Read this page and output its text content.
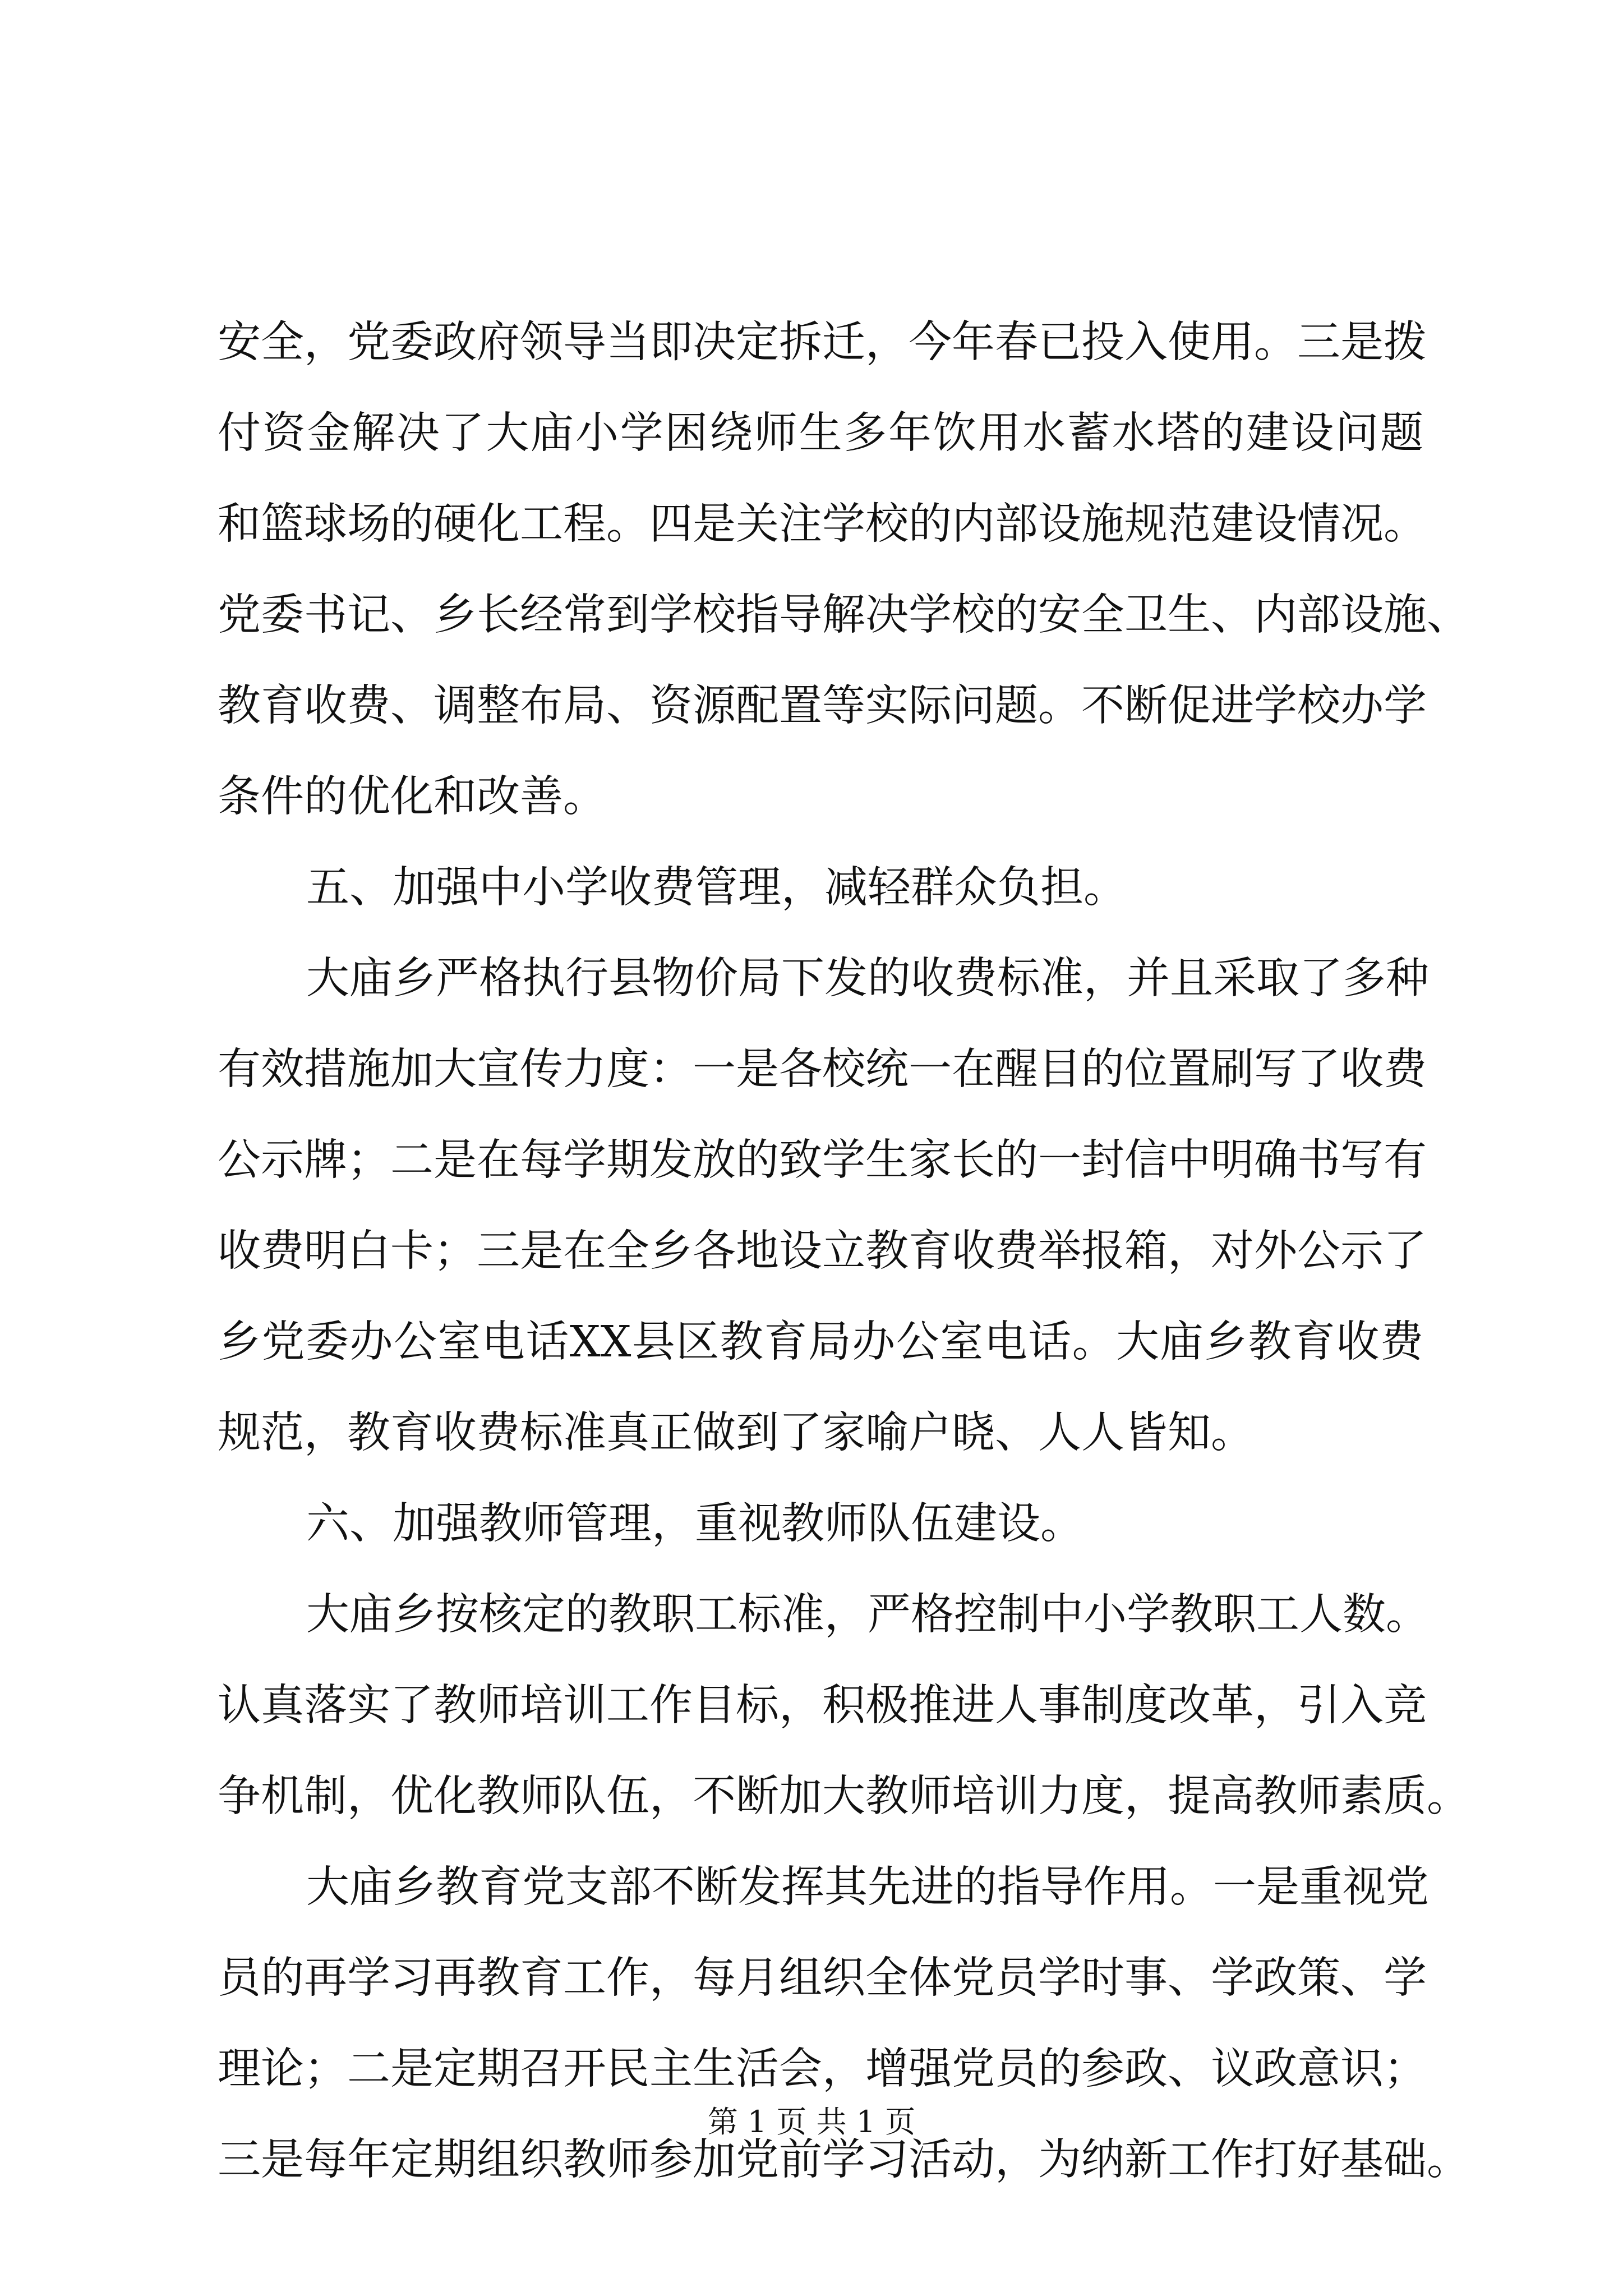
安全，党委政府领导当即决定拆迁，今年春已投入使用。三是拨
付资金解决了大庙小学困绕师生多年饮用水蓄水塔的建设问题
和篮球场的硬化工程。四是关注学校的内部设施规范建设情况。
党委书记、乡长经常到学校指导解决学校的安全卫生、内部设施、
教育收费、调整布局、资源配置等实际问题。不断促进学校办学
条件的优化和改善。
五、加强中小学收费管理，减轻群众负担。
大庙乡严格执行县物价局下发的收费标准，并且采取了多种
有效措施加大宣传力度：一是各校统一在醒目的位置刷写了收费
公示牌；二是在每学期发放的致学生家长的一封信中明确书写有
收费明白卡；三是在全乡各地设立教育收费举报箱，对外公示了
乡党委办公室电话XX县区教育局办公室电话。大庙乡教育收费
规范，教育收费标准真正做到了家喻户晓、人人皆知。
六、加强教师管理，重视教师队伍建设。
大庙乡按核定的教职工标准，严格控制中小学教职工人数。
认真落实了教师培训工作目标，积极推进人事制度改革，引入竞
争机制，优化教师队伍，不断加大教师培训力度，提高教师素质。
大庙乡教育党支部不断发挥其先进的指导作用。一是重视党
员的再学习再教育工作，每月组织全体党员学时事、学政策、学
理论；二是定期召开民主生活会，增强党员的参政、议政意识；
三是每年定期组织教师参加党前学习活动，为纳新工作打好基础。
第 1 页 共 1 页
